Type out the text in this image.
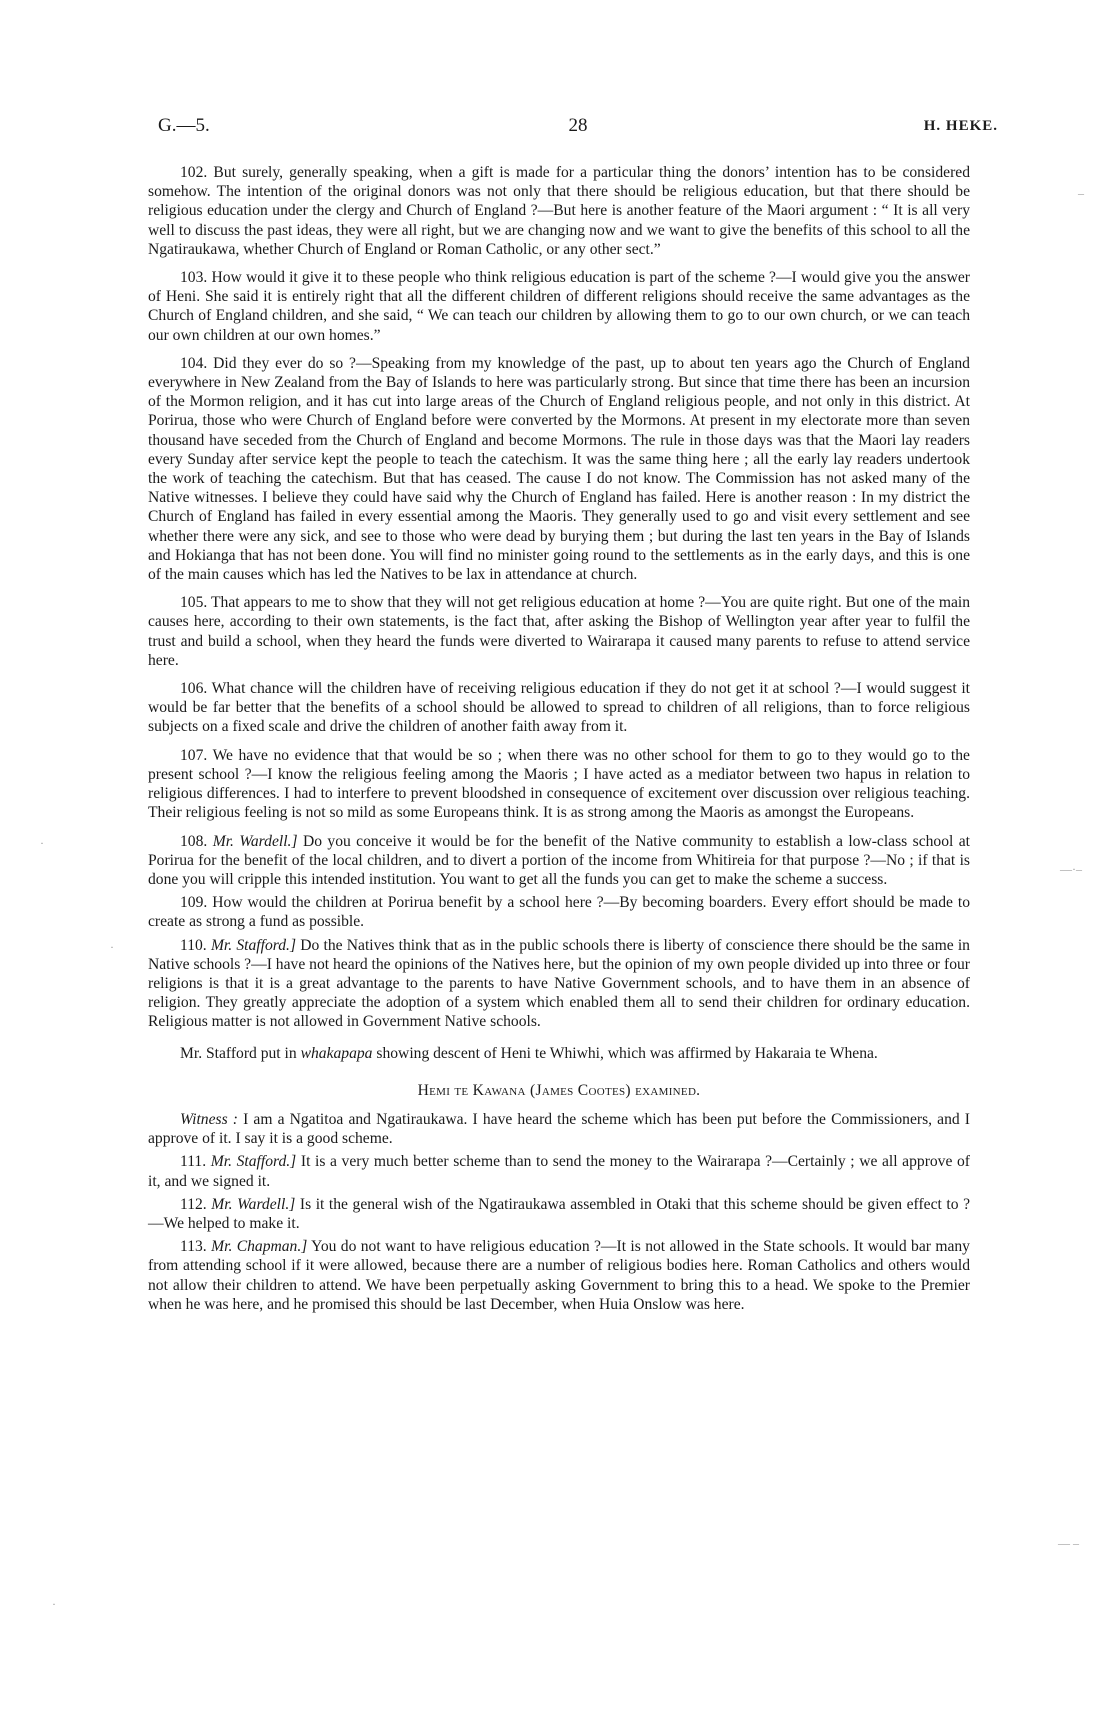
G.—5.	28	H. HEKE.

102. But surely, generally speaking, when a gift is made for a particular thing the donors’ intention has to be considered somehow. The intention of the original donors was not only that there should be religious education, but that there should be religious education under the clergy and Church of England ?—But here is another feature of the Maori argument : “ It is all very well to discuss the past ideas, they were all right, but we are changing now and we want to give the benefits of this school to all the Ngatiraukawa, whether Church of England or Roman Catholic, or any other sect.”

103. How would it give it to these people who think religious education is part of the scheme ?—I would give you the answer of Heni. She said it is entirely right that all the different children of different religions should receive the same advantages as the Church of England children, and she said, “ We can teach our children by allowing them to go to our own church, or we can teach our own children at our own homes.”

104. Did they ever do so ?—Speaking from my knowledge of the past, up to about ten years ago the Church of England everywhere in New Zealand from the Bay of Islands to here was particularly strong. But since that time there has been an incursion of the Mormon religion, and it has cut into large areas of the Church of England religious people, and not only in this district. At Porirua, those who were Church of England before were converted by the Mormons. At present in my electorate more than seven thousand have seceded from the Church of England and become Mormons. The rule in those days was that the Maori lay readers every Sunday after service kept the people to teach the catechism. It was the same thing here ; all the early lay readers undertook the work of teaching the catechism. But that has ceased. The cause I do not know. The Commission has not asked many of the Native witnesses. I believe they could have said why the Church of England has failed. Here is another reason : In my district the Church of England has failed in every essential among the Maoris. They generally used to go and visit every settlement and see whether there were any sick, and see to those who were dead by burying them ; but during the last ten years in the Bay of Islands and Hokianga that has not been done. You will find no minister going round to the settlements as in the early days, and this is one of the main causes which has led the Natives to be lax in attendance at church.

105. That appears to me to show that they will not get religious education at home ?—You are quite right. But one of the main causes here, according to their own statements, is the fact that, after asking the Bishop of Wellington year after year to fulfil the trust and build a school, when they heard the funds were diverted to Wairarapa it caused many parents to refuse to attend service here.

106. What chance will the children have of receiving religious education if they do not get it at school ?—I would suggest it would be far better that the benefits of a school should be allowed to spread to children of all religions, than to force religious subjects on a fixed scale and drive the children of another faith away from it.

107. We have no evidence that that would be so ; when there was no other school for them to go to they would go to the present school ?—I know the religious feeling among the Maoris ; I have acted as a mediator between two hapus in relation to religious differences. I had to interfere to prevent bloodshed in consequence of excitement over discussion over religious teaching. Their religious feeling is not so mild as some Europeans think. It is as strong among the Maoris as amongst the Europeans.

108. Mr. Wardell.] Do you conceive it would be for the benefit of the Native community to establish a low-class school at Porirua for the benefit of the local children, and to divert a portion of the income from Whitireia for that purpose ?—No ; if that is done you will cripple this intended institution. You want to get all the funds you can get to make the scheme a success.

109. How would the children at Porirua benefit by a school here ?—By becoming boarders. Every effort should be made to create as strong a fund as possible.

110. Mr. Stafford.] Do the Natives think that as in the public schools there is liberty of conscience there should be the same in Native schools ?—I have not heard the opinions of the Natives here, but the opinion of my own people divided up into three or four religions is that it is a great advantage to the parents to have Native Government schools, and to have them in an absence of religion. They greatly appreciate the adoption of a system which enabled them all to send their children for ordinary education. Religious matter is not allowed in Government Native schools.

Mr. Stafford put in whakapapa showing descent of Heni te Whiwhi, which was affirmed by Hakaraia te Whena.

Hemi te Kawana (James Cootes) examined.

Witness : I am a Ngatitoa and Ngatiraukawa. I have heard the scheme which has been put before the Commissioners, and I approve of it. I say it is a good scheme.

111. Mr. Stafford.] It is a very much better scheme than to send the money to the Wairarapa ?—Certainly ; we all approve of it, and we signed it.

112. Mr. Wardell.] Is it the general wish of the Ngatiraukawa assembled in Otaki that this scheme should be given effect to ?—We helped to make it.

113. Mr. Chapman.] You do not want to have religious education ?—It is not allowed in the State schools. It would bar many from attending school if it were allowed, because there are a number of religious bodies here. Roman Catholics and others would not allow their children to attend. We have been perpetually asking Government to bring this to a head. We spoke to the Premier when he was here, and he promised this should be last December, when Huia Onslow was here.

–
—·–
— –
·
·
·
